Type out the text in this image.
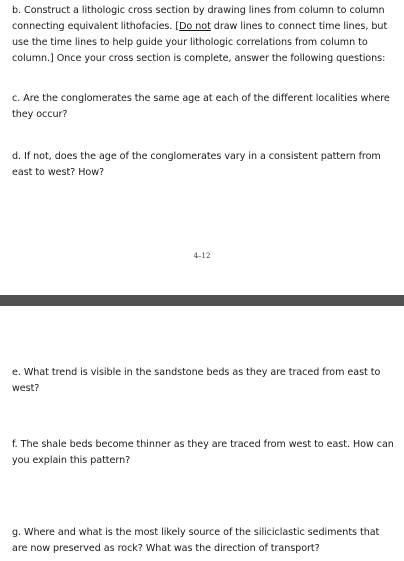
b. Construct a lithologic cross section by drawing lines from column to column connecting equivalent lithofacies. [Do not draw lines to connect time lines, but use the time lines to help guide your lithologic correlations from column to column.] Once your cross section is complete, answer the following questions:

c. Are the conglomerates the same age at each of the different localities where they occur?

d. If not, does the age of the conglomerates vary in a consistent pattern from east to west? How?

4–12

e. What trend is visible in the sandstone beds as they are traced from east to west?

f. The shale beds become thinner as they are traced from west to east. How can you explain this pattern?

g. Where and what is the most likely source of the siliciclastic sediments that are now preserved as rock? What was the direction of transport?
